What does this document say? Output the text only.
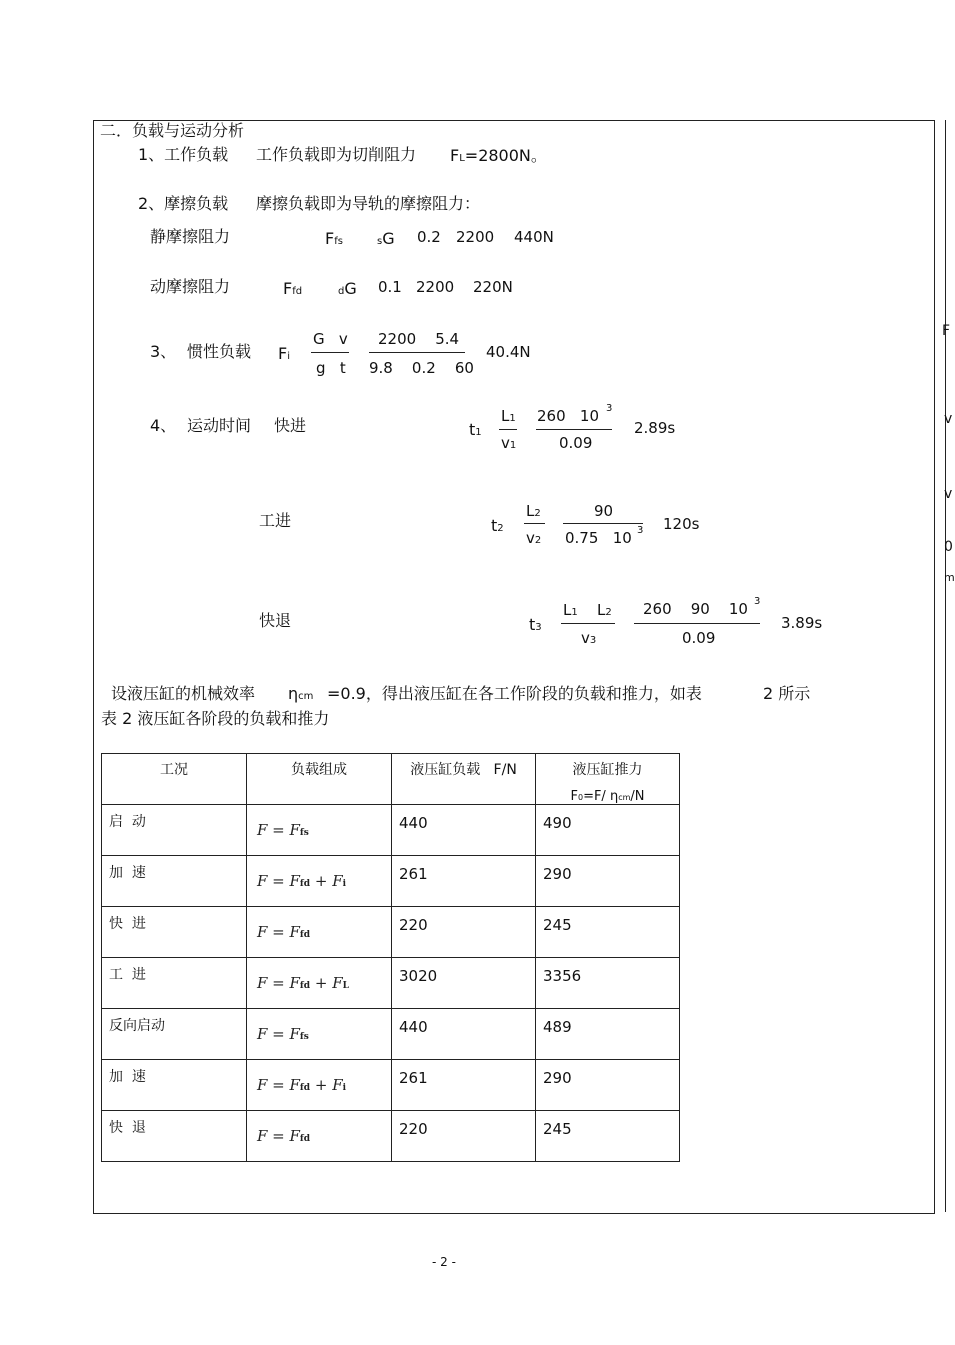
F
v
v
0
m
二．负载与运动分析
1、工作负载 工作负载即为切削阻力 FL=2800N。
2、摩擦负载 摩擦负载即为导轨的摩擦阻力：
静摩擦阻力	Ffs	sG 0.2 2200 440N
动摩擦阻力	Ffd	dG 0.1 2200 220N
3、 惯性负载 Fi
G   v
g   t
2200    5.4
9.8    0.2    60
40.4N
4、 运动时间 快进	t1
L1
v1
260   10 3
0.09
2.89s
工进	t2
L2
v2
90
0.75   10 3 120s
快退	t3
L1 L2
v3
260    90    10 3
0.09
3.89s
设液压缸的机械效率 ηcm =0.9，得出液压缸在各工作阶段的负载和推力，如表	2 所示
表 2 液压缸各阶段的负载和推力
工况	负载组成	液压缸负载   F/N	液压缸推力
F0=F/ ηcm/N

启  动	F = Ffs	440	490

加  速	F = Ffd + Fi	261	290

快  进	F = Ffd	220	245

工  进	F = Ffd + FL	3020	3356

反向启动	F = Ffs	440	489

加  速	F = Ffd + Fi	261	290

快  退	F = Ffd	220	245
- 2 -
